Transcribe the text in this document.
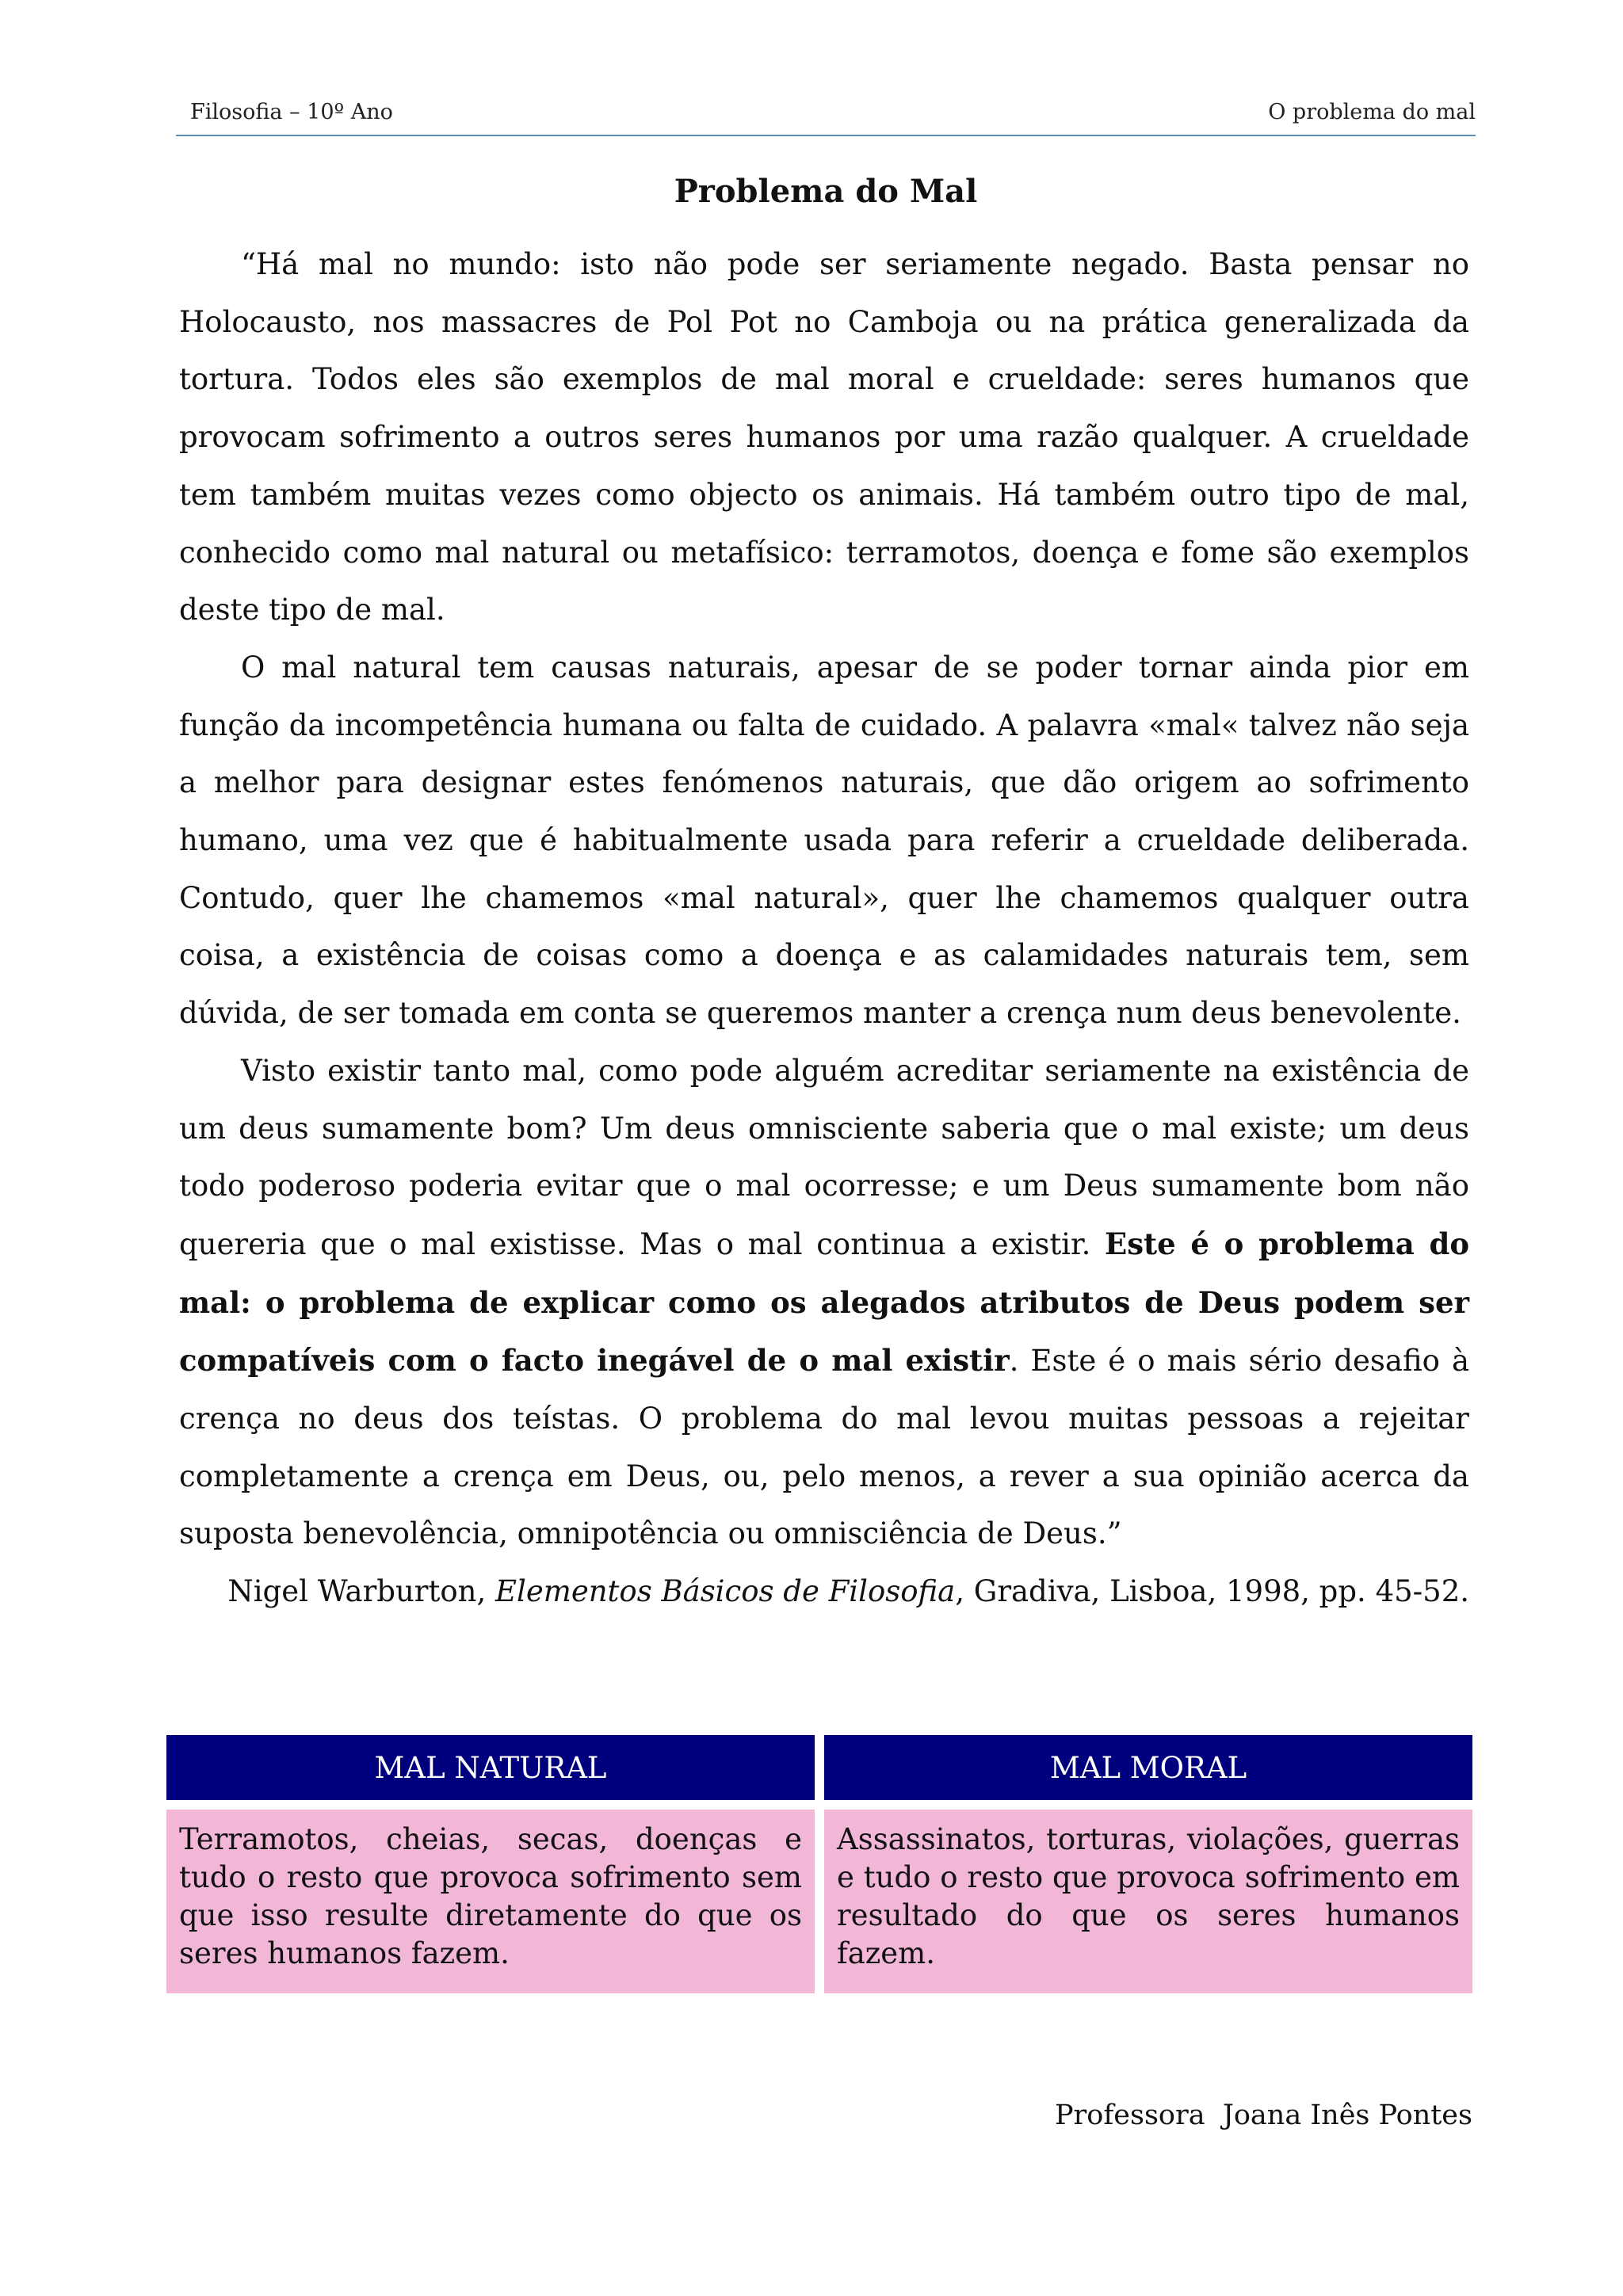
Filosofia – 10º Ano	O problema do mal
Problema do Mal

“Há mal no mundo: isto não pode ser seriamente negado. Basta pensar no Holocausto, nos massacres de Pol Pot no Camboja ou na prática generalizada da tortura. Todos eles são exemplos de mal moral e crueldade: seres humanos que provocam sofrimento a outros seres humanos por uma razão qualquer. A crueldade tem também muitas vezes como objecto os animais. Há também outro tipo de mal, conhecido como mal natural ou metafísico: terramotos, doença e fome são exemplos deste tipo de mal.

O mal natural tem causas naturais, apesar de se poder tornar ainda pior em função da incompetência humana ou falta de cuidado. A palavra «mal« talvez não seja a melhor para designar estes fenómenos naturais, que dão origem ao sofrimento humano, uma vez que é habitualmente usada para referir a crueldade deliberada. Contudo, quer lhe chamemos «mal natural», quer lhe chamemos qualquer outra coisa, a existência de coisas como a doença e as calamidades naturais tem, sem dúvida, de ser tomada em conta se queremos manter a crença num deus benevolente.

Visto existir tanto mal, como pode alguém acreditar seriamente na existência de um deus sumamente bom? Um deus omnisciente saberia que o mal existe; um deus todo poderoso poderia evitar que o mal ocorresse; e um Deus sumamente bom não quereria que o mal existisse. Mas o mal continua a existir. Este é o problema do mal: o problema de explicar como os alegados atributos de Deus podem ser compatíveis com o facto inegável de o mal existir. Este é o mais sério desafio à crença no deus dos teístas. O problema do mal levou muitas pessoas a rejeitar completamente a crença em Deus, ou, pelo menos, a rever a sua opinião acerca da suposta benevolência, omnipotência ou omnisciência de Deus.”

Nigel Warburton, Elementos Básicos de Filosofia, Gradiva, Lisboa, 1998, pp. 45-52.
MAL NATURAL
Terramotos, cheias, secas, doenças e tudo o resto que provoca sofrimento sem que isso resulte diretamente do que os seres humanos fazem.
MAL MORAL
Assassinatos, torturas, violações, guerras e tudo o resto que provoca sofrimento em resultado do que os seres humanos fazem.
Professora  Joana Inês Pontes
